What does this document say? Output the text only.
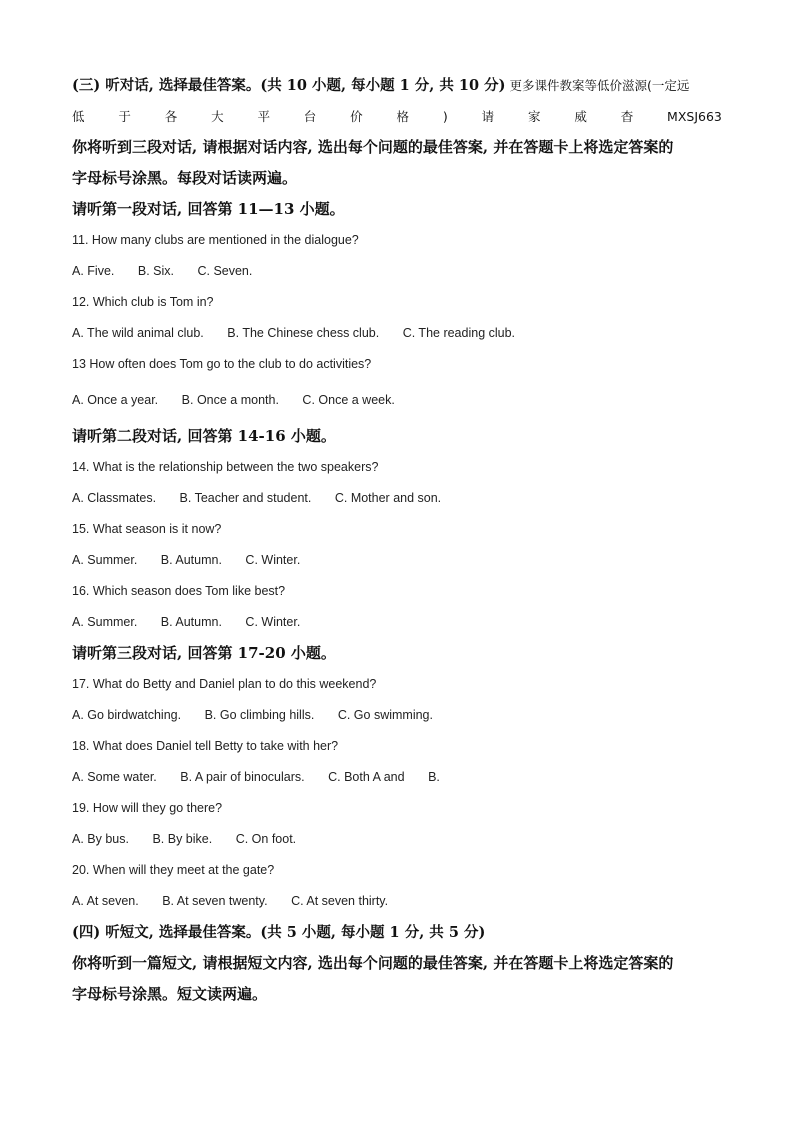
(三) 听对话, 选择最佳答案。(共 10 小题, 每小题 1 分, 共 10 分) 更多课件教案等低价滋源(一定远
低	于	各	大	平	台	价	格	)	请	家	威	杳	MXSJ663
你将听到三段对话, 请根据对话内容, 选出每个问题的最佳答案, 并在答题卡上将选定答案的
字母标号涂黑。每段对话读两遍。
请听第一段对话, 回答第 11—13 小题。
11. How many clubs are mentioned in the dialogue?
A. Five. B. Six. C. Seven.
12. Which club is Tom in?
A. The wild animal club. B. The Chinese chess club. C. The reading club.
13 How often does Tom go to the club to do activities?
A. Once a year. B. Once a month. C. Once a week.
请听第二段对话, 回答第 14-16 小题。
14. What is the relationship between the two speakers?
A. Classmates. B. Teacher and student. C. Mother and son.
15. What season is it now?
A. Summer. B. Autumn. C. Winter.
16. Which season does Tom like best?
A. Summer. B. Autumn. C. Winter.
请听第三段对话, 回答第 17-20 小题。
17. What do Betty and Daniel plan to do this weekend?
A. Go birdwatching. B. Go climbing hills. C. Go swimming.
18. What does Daniel tell Betty to take with her?
A. Some water. B. A pair of binoculars. C. Both A and B.
19. How will they go there?
A. By bus. B. By bike. C. On foot.
20. When will they meet at the gate?
A. At seven. B. At seven twenty. C. At seven thirty.
(四) 听短文, 选择最佳答案。(共 5 小题, 每小题 1 分, 共 5 分)
你将听到一篇短文, 请根据短文内容, 选出每个问题的最佳答案, 并在答题卡上将选定答案的
字母标号涂黑。短文读两遍。
